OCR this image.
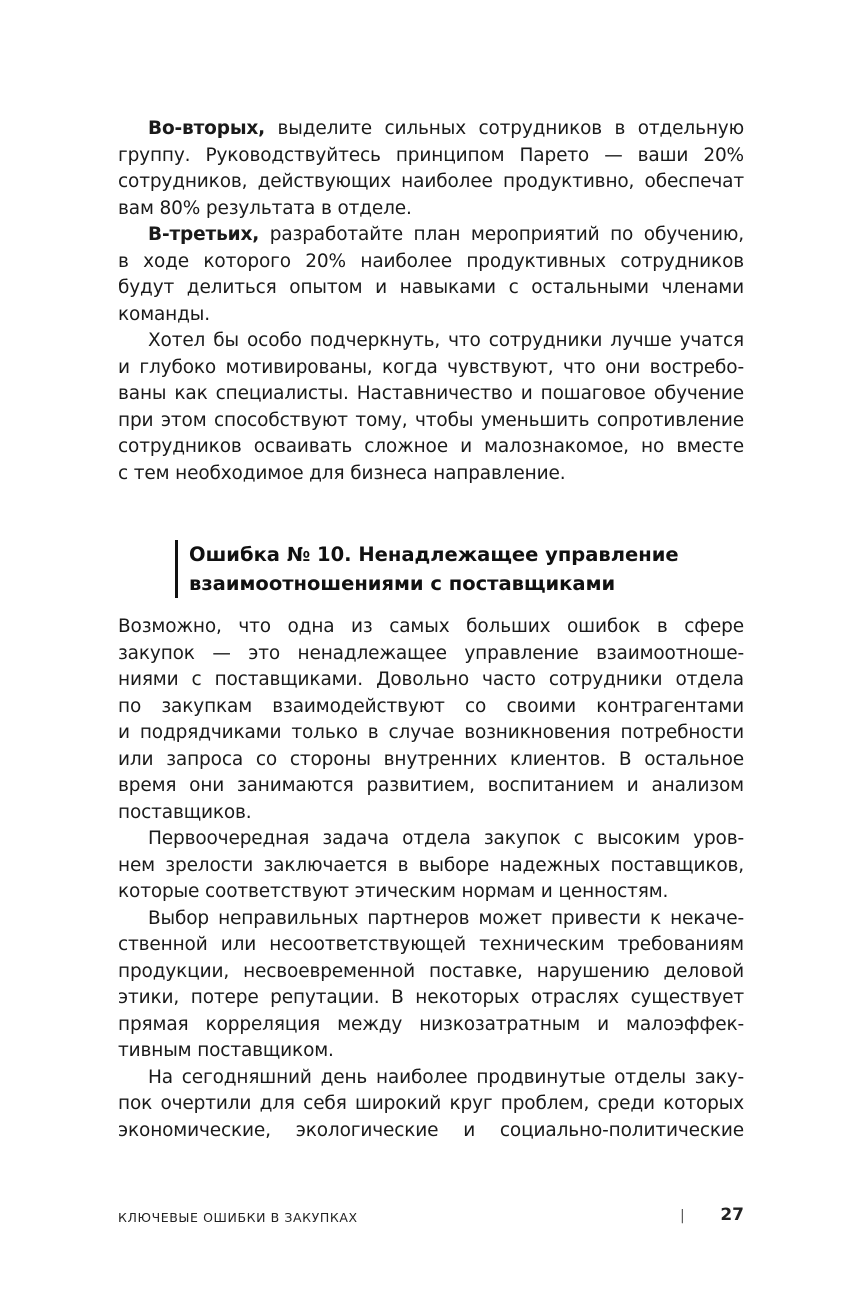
Во-вторых, выделите сильных сотрудников в отдельную
группу. Руководствуйтесь принципом Парето — ваши 20%
сотрудников, действующих наиболее продуктивно, обеспечат
вам 80% результата в отделе.
В-третьих, разработайте план мероприятий по обучению,
в ходе которого 20% наиболее продуктивных сотрудников
будут делиться опытом и навыками с остальными членами
команды.
Хотел бы особо подчеркнуть, что сотрудники лучше учатся
и глубоко мотивированы, когда чувствуют, что они востребо-
ваны как специалисты. Наставничество и пошаговое обучение
при этом способствуют тому, чтобы уменьшить сопротивление
сотрудников осваивать сложное и малознакомое, но вместе
с тем необходимое для бизнеса направление.
Ошибка № 10. Ненадлежащее управление
взаимоотношениями с поставщиками
Возможно, что одна из самых больших ошибок в сфере
закупок — это ненадлежащее управление взаимоотноше-
ниями с поставщиками. Довольно часто сотрудники отдела
по закупкам взаимодействуют со своими контрагентами
и подрядчиками только в случае возникновения потребности
или запроса со стороны внутренних клиентов. В остальное
время они занимаются развитием, воспитанием и анализом
поставщиков.
Первоочередная задача отдела закупок с высоким уров-
нем зрелости заключается в выборе надежных поставщиков,
которые соответствуют этическим нормам и ценностям.
Выбор неправильных партнеров может привести к некаче-
ственной или несоответствующей техническим требованиям
продукции, несвоевременной поставке, нарушению деловой
этики, потере репутации. В некоторых отраслях существует
прямая корреляция между низкозатратным и малоэффек-
тивным поставщиком.
На сегодняшний день наиболее продвинутые отделы заку-
пок очертили для себя широкий круг проблем, среди которых
экономические, экологические и социально-политические
КЛЮЧЕВЫЕ ОШИБКИ В ЗАКУПКАХ	| 27
